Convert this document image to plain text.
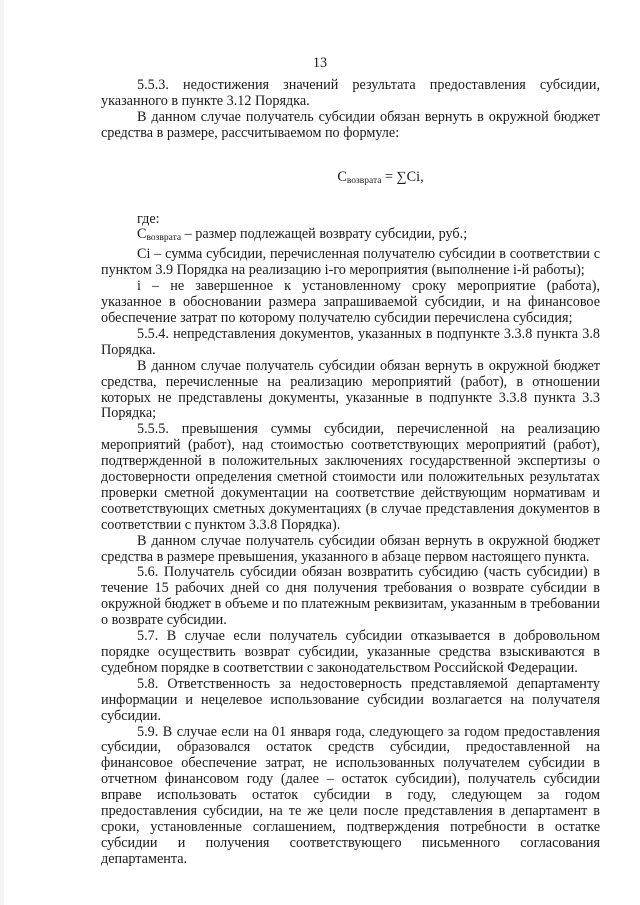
13

5.5.3. недостижения значений результата предоставления субсидии, указанного в пункте 3.12 Порядка.

В данном случае получатель субсидии обязан вернуть в окружной бюджет средства в размере, рассчитываемом по формуле:

$С_{возврата} = \sum Сi$,

где:

$С_{возврата}$ – размер подлежащей возврату субсидии, руб.;

Сi – сумма субсидии, перечисленная получателю субсидии в соответствии с пунктом 3.9 Порядка на реализацию i-го мероприятия (выполнение i-й работы);

i – не завершенное к установленному сроку мероприятие (работа), указанное в обосновании размера запрашиваемой субсидии, и на финансовое обеспечение затрат по которому получателю субсидии перечислена субсидия;

5.5.4. непредставления документов, указанных в подпункте 3.3.8 пункта 3.8 Порядка.

В данном случае получатель субсидии обязан вернуть в окружной бюджет средства, перечисленные на реализацию мероприятий (работ), в отношении которых не представлены документы, указанные в подпункте 3.3.8 пункта 3.3 Порядка;

5.5.5. превышения суммы субсидии, перечисленной на реализацию мероприятий (работ), над стоимостью соответствующих мероприятий (работ), подтвержденной в положительных заключениях государственной экспертизы о достоверности определения сметной стоимости или положительных результатах проверки сметной документации на соответствие действующим нормативам и соответствующих сметных документациях (в случае представления документов в соответствии с пунктом 3.3.8 Порядка).

В данном случае получатель субсидии обязан вернуть в окружной бюджет средства в размере превышения, указанного в абзаце первом настоящего пункта.

5.6. Получатель субсидии обязан возвратить субсидию (часть субсидии) в течение 15 рабочих дней со дня получения требования о возврате субсидии в окружной бюджет в объеме и по платежным реквизитам, указанным в требовании о возврате субсидии.

5.7. В случае если получатель субсидии отказывается в добровольном порядке осуществить возврат субсидии, указанные средства взыскиваются в судебном порядке в соответствии с законодательством Российской Федерации.

5.8. Ответственность за недостоверность представляемой департаменту информации и нецелевое использование субсидии возлагается на получателя субсидии.

5.9. В случае если на 01 января года, следующего за годом предоставления субсидии, образовался остаток средств субсидии, предоставленной на финансовое обеспечение затрат, не использованных получателем субсидии в отчетном финансовом году (далее – остаток субсидии), получатель субсидии вправе использовать остаток субсидии в году, следующем за годом предоставления субсидии, на те же цели после представления в департамент в сроки, установленные соглашением, подтверждения потребности в остатке субсидии и получения соответствующего письменного согласования департамента.
